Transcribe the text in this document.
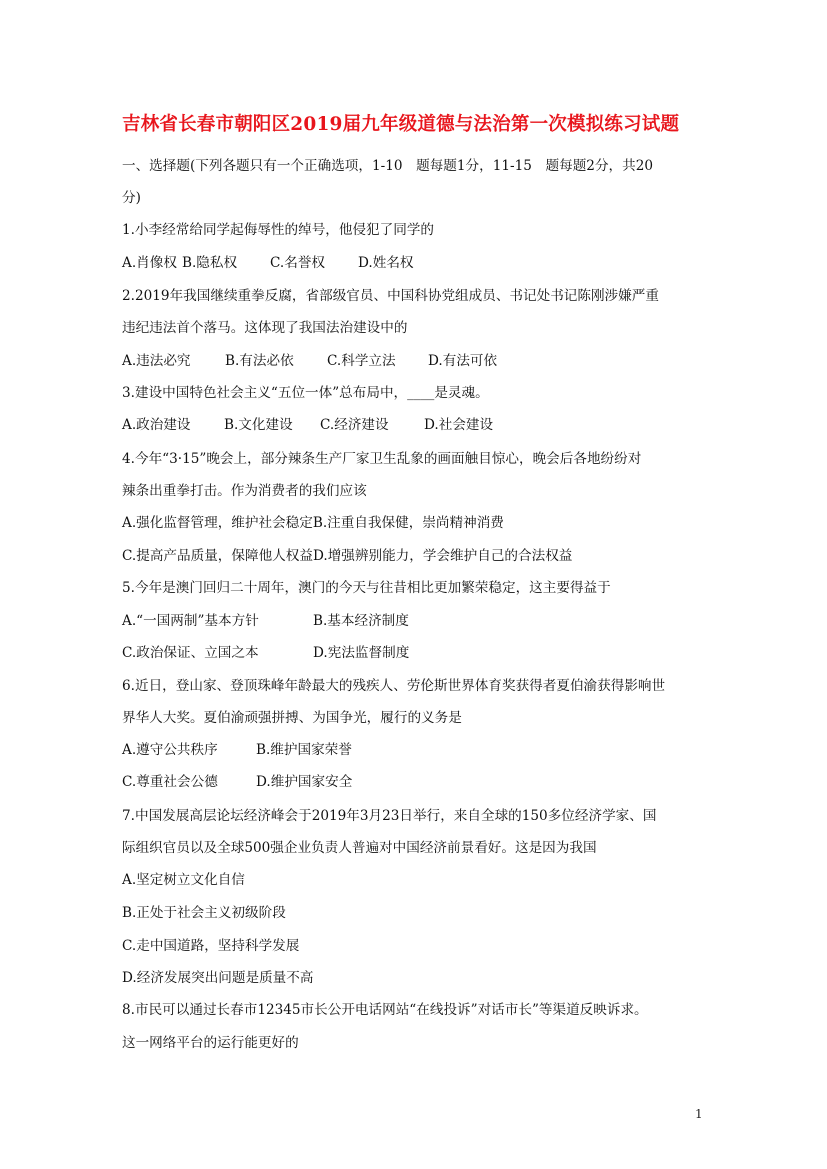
吉林省长春市朝阳区2019届九年级道德与法治第一次模拟练习试题
一、选择题(下列各题只有一个正确选项，1-10　题每题1分，11-15　题每题2分，共20
分)
1.小李经常给同学起侮辱性的绰号，他侵犯了同学的
A.肖像权 B.隐私权 C.名誉权 D.姓名权
2.2019年我国继续重拳反腐，省部级官员、中国科协党组成员、书记处书记陈刚涉嫌严重
违纪违法首个落马。这体现了我国法治建设中的
A.违法必究	B.有法必依 C.科学立法 D.有法可依
3.建设中国特色社会主义“五位一体”总布局中，____是灵魂。
A.政治建设 B.文化建设 C.经济建设	D.社会建设
4.今年“3·15”晚会上，部分辣条生产厂家卫生乱象的画面触目惊心，晚会后各地纷纷对
辣条出重拳打击。作为消费者的我们应该
A.强化监督管理，维护社会稳定B.注重自我保健，崇尚精神消费
C.提高产品质量，保障他人权益D.增强辨别能力，学会维护自己的合法权益
5.今年是澳门回归二十周年，澳门的今天与往昔相比更加繁荣稳定，这主要得益于
A.“一国两制”基本方针	B.基本经济制度
C.政治保证、立国之本	D.宪法监督制度
6.近日，登山家、登顶珠峰年龄最大的残疾人、劳伦斯世界体育奖获得者夏伯渝获得影响世
界华人大奖。夏伯渝顽强拼搏、为国争光，履行的义务是
A.遵守公共秩序	B.维护国家荣誉
C.尊重社会公德	D.维护国家安全
7.中国发展高层论坛经济峰会于2019年3月23日举行，来自全球的150多位经济学家、国
际组织官员以及全球500强企业负责人普遍对中国经济前景看好。这是因为我国
A.坚定树立文化自信
B.正处于社会主义初级阶段
C.走中国道路，坚持科学发展
D.经济发展突出问题是质量不高
8.市民可以通过长春市12345市长公开电话网站“在线投诉”对话市长”等渠道反映诉求。
这一网络平台的运行能更好的
1
